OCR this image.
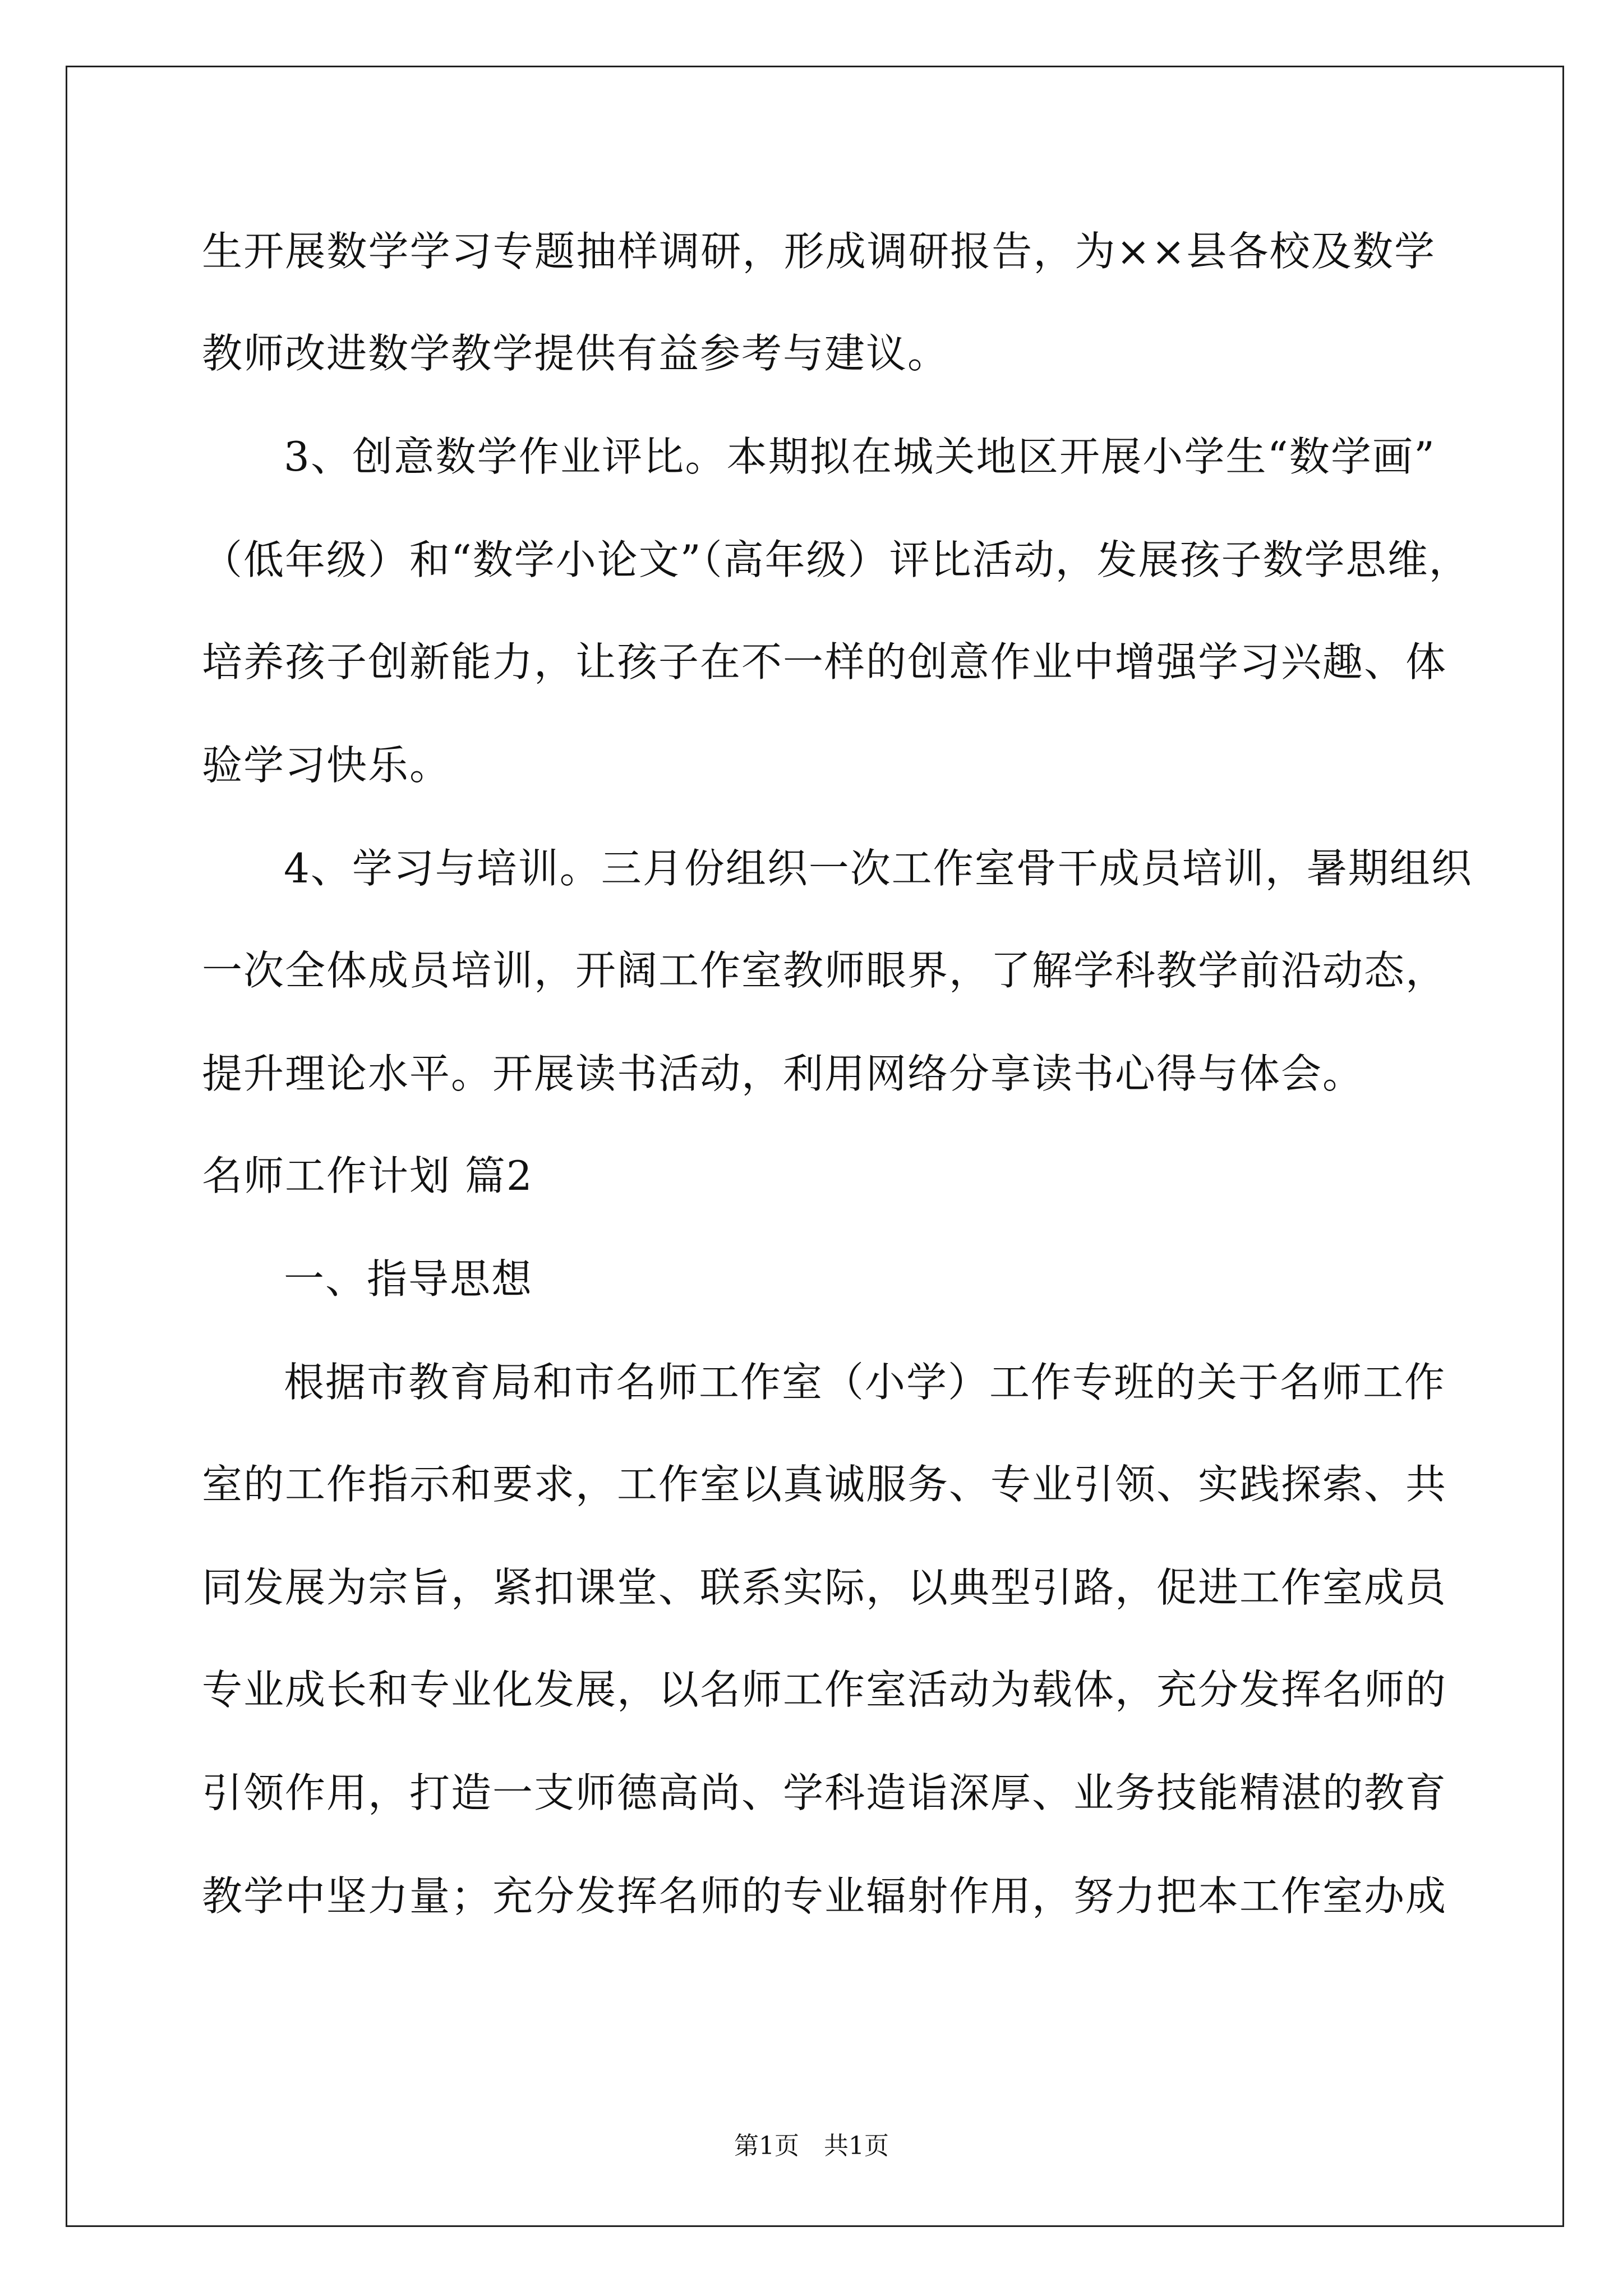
生开展数学学习专题抽样调研，形成调研报告，为××县各校及数学
教师改进数学教学提供有益参考与建议。
3、创意数学作业评比。本期拟在城关地区开展小学生“数学画”
（低年级）和“数学小论文”（高年级）评比活动，发展孩子数学思维，
培养孩子创新能力，让孩子在不一样的创意作业中增强学习兴趣、体
验学习快乐。
4、学习与培训。三月份组织一次工作室骨干成员培训，暑期组织
一次全体成员培训，开阔工作室教师眼界，了解学科教学前沿动态，
提升理论水平。开展读书活动，利用网络分享读书心得与体会。
名师工作计划 篇2
一、指导思想
根据市教育局和市名师工作室（小学）工作专班的关于名师工作
室的工作指示和要求，工作室以真诚服务、专业引领、实践探索、共
同发展为宗旨，紧扣课堂、联系实际，以典型引路，促进工作室成员
专业成长和专业化发展，以名师工作室活动为载体，充分发挥名师的
引领作用，打造一支师德高尚、学科造诣深厚、业务技能精湛的教育
教学中坚力量；充分发挥名师的专业辐射作用，努力把本工作室办成
第1页 共1页
